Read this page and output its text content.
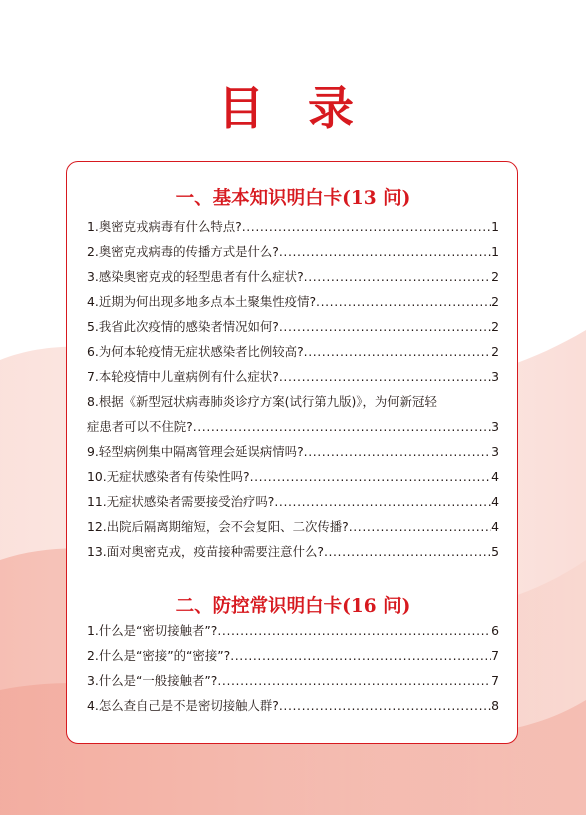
目 录
一、基本知识明白卡(13 问)
1.奥密克戎病毒有什么特点? .....	1
2.奥密克戎病毒的传播方式是什么? .....	1
3.感染奥密克戎的轻型患者有什么症状? .....	2
4.近期为何出现多地多点本土聚集性疫情? .....	2
5.我省此次疫情的感染者情况如何? .....	2
6.为何本轮疫情无症状感染者比例较高? .....	2
7.本轮疫情中儿童病例有什么症状? .....	3
8.根据《新型冠状病毒肺炎诊疗方案(试行第九版)》，为何新冠轻
症患者可以不住院? .....	3
9.轻型病例集中隔离管理会延误病情吗? .....	3
10.无症状感染者有传染性吗? .....	4
11.无症状感染者需要接受治疗吗? .....	4
12.出院后隔离期缩短，会不会复阳、二次传播? .....	4
13.面对奥密克戎，疫苗接种需要注意什么? .....	5
二、防控常识明白卡(16 问)
1.什么是“密切接触者”? .....	6
2.什么是“密接”的“密接”? .....	7
3.什么是“一般接触者”? .....	7
4.怎么查自己是不是密切接触人群? .....	8
